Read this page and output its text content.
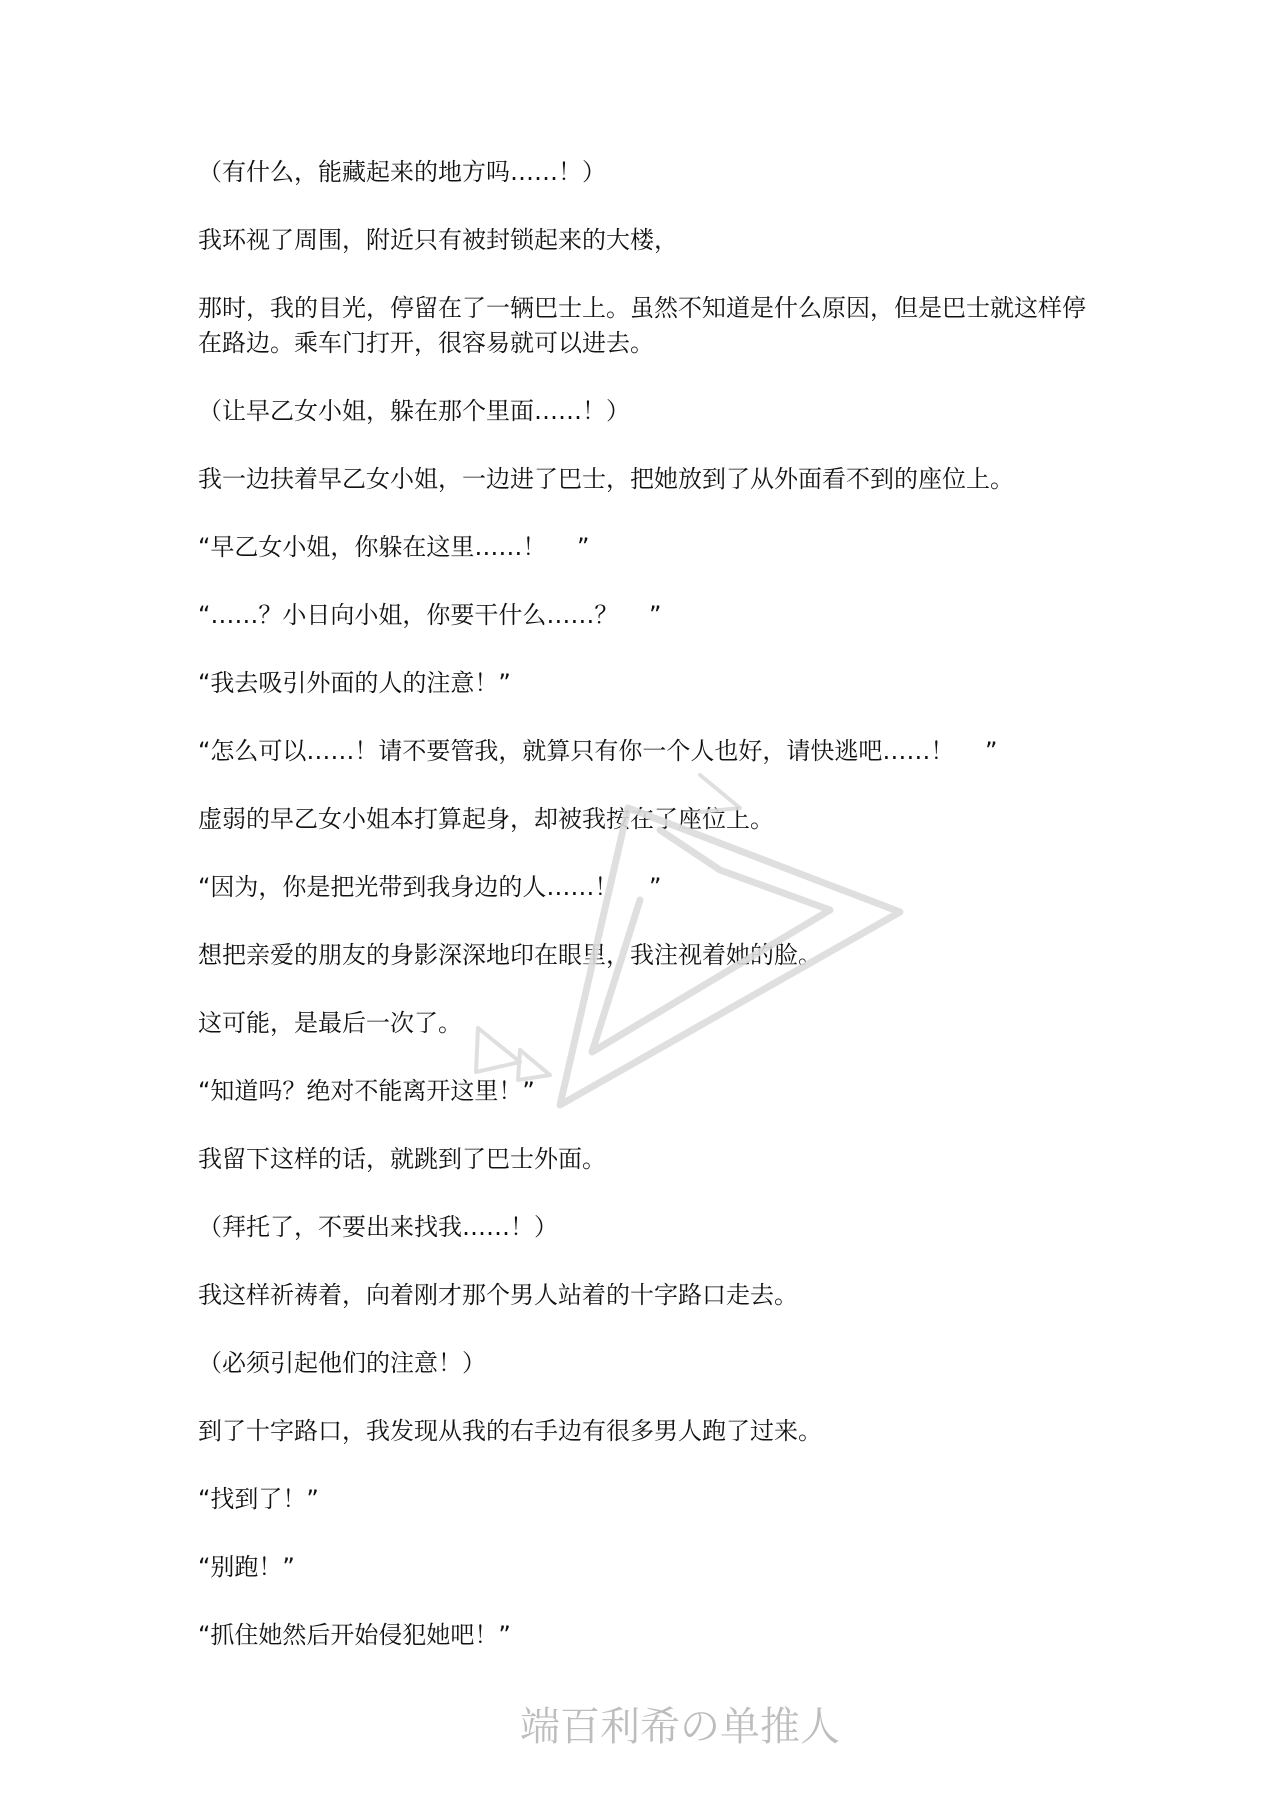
（有什么，能藏起来的地方吗……！）

我环视了周围，附近只有被封锁起来的大楼，

那时，我的目光，停留在了一辆巴士上。虽然不知道是什么原因，但是巴士就这样停在路边。乘车门打开，很容易就可以进去。

（让早乙女小姐，躲在那个里面……！）

我一边扶着早乙女小姐，一边进了巴士，把她放到了从外面看不到的座位上。

“早乙女小姐，你躲在这里……！    ”

“……？小日向小姐，你要干什么……？    ”

“我去吸引外面的人的注意！”

“怎么可以……！请不要管我，就算只有你一个人也好，请快逃吧……！    ”

虚弱的早乙女小姐本打算起身，却被我按在了座位上。

“因为，你是把光带到我身边的人……！    ”

想把亲爱的朋友的身影深深地印在眼里，我注视着她的脸。

这可能，是最后一次了。

“知道吗？绝对不能离开这里！”

我留下这样的话，就跳到了巴士外面。

（拜托了，不要出来找我……！）

我这样祈祷着，向着刚才那个男人站着的十字路口走去。

（必须引起他们的注意！）

到了十字路口，我发现从我的右手边有很多男人跑了过来。

“找到了！”

“别跑！”

“抓住她然后开始侵犯她吧！”

端百利希の单推人
